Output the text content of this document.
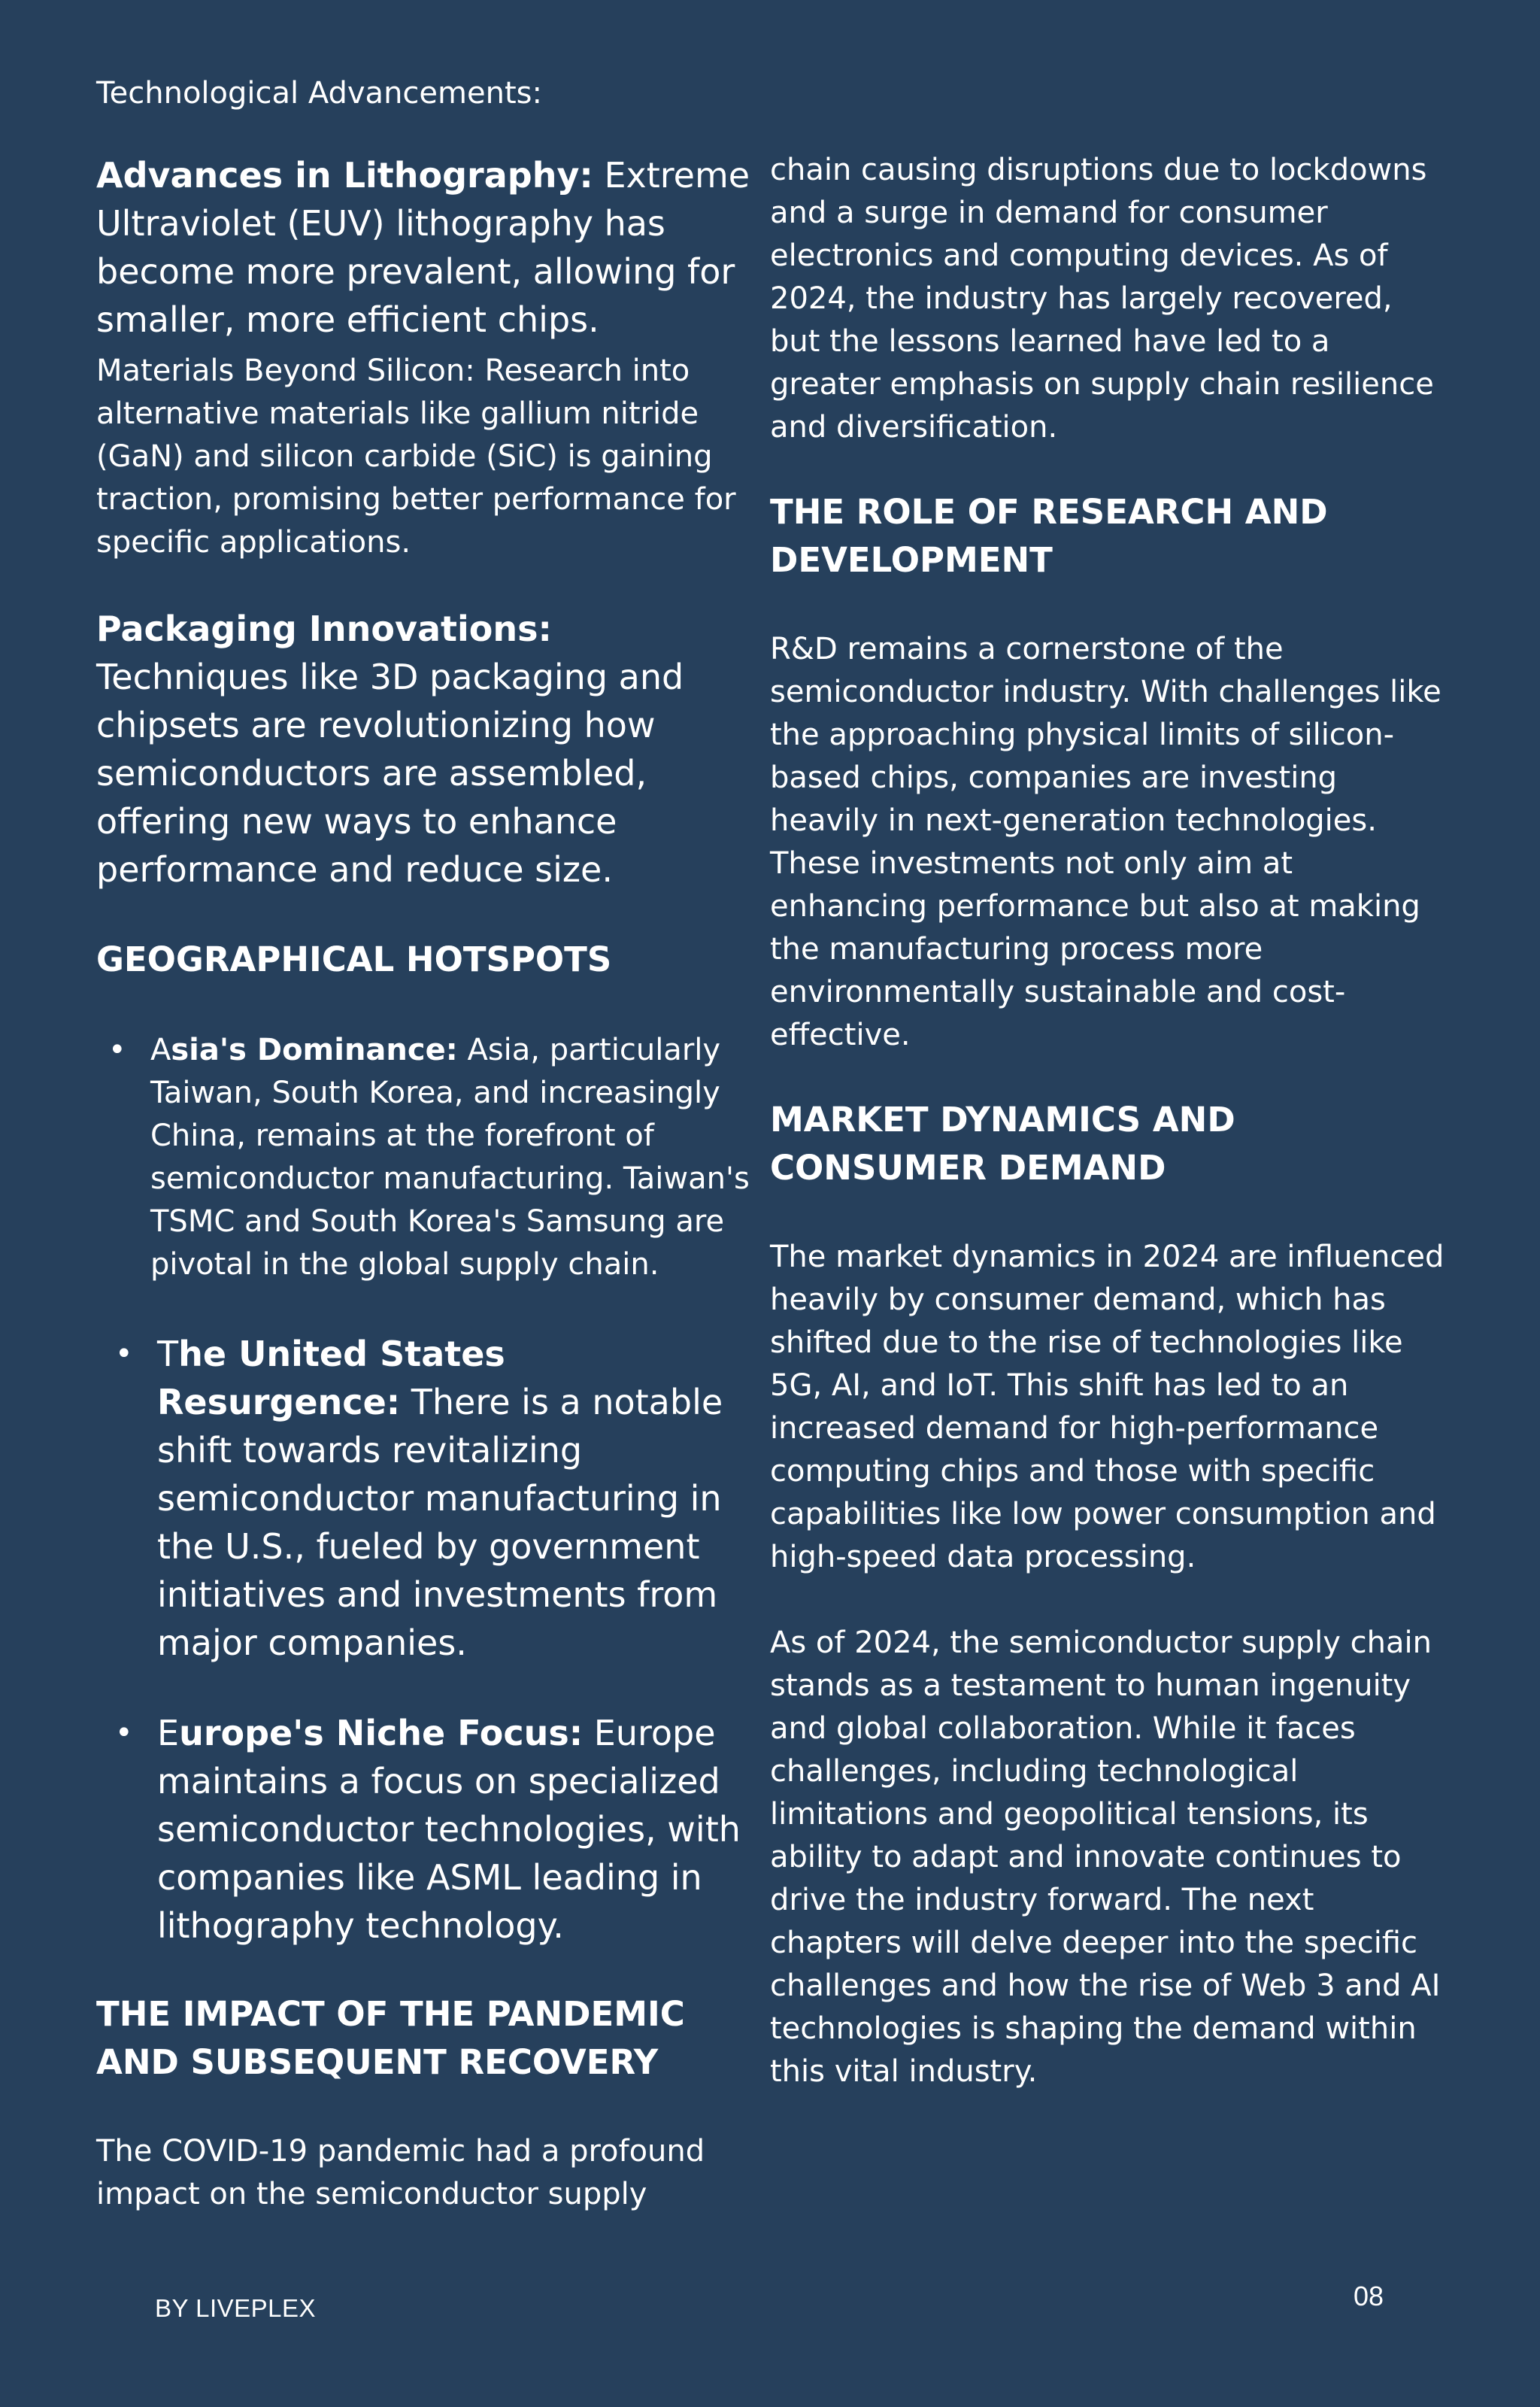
Technological Advancements:

Advances in Lithography: Extreme Ultraviolet (EUV) lithography has become more prevalent, allowing for smaller, more efficient chips.

Materials Beyond Silicon: Research into alternative materials like gallium nitride (GaN) and silicon carbide (SiC) is gaining traction, promising better performance for specific applications.

Packaging Innovations: Techniques like 3D packaging and chipsets are revolutionizing how semiconductors are assembled, offering new ways to enhance performance and reduce size.

GEOGRAPHICAL HOTSPOTS
• Asia's Dominance: Asia, particularly Taiwan, South Korea, and increasingly China, remains at the forefront of semiconductor manufacturing. Taiwan's TSMC and South Korea's Samsung are pivotal in the global supply chain.
• The United States Resurgence: There is a notable shift towards revitalizing semiconductor manufacturing in the U.S., fueled by government initiatives and investments from major companies.
• Europe's Niche Focus: Europe maintains a focus on specialized semiconductor technologies, with companies like ASML leading in lithography technology.
THE IMPACT OF THE PANDEMIC AND SUBSEQUENT RECOVERY

The COVID-19 pandemic had a profound impact on the semiconductor supply

chain causing disruptions due to lockdowns and a surge in demand for consumer electronics and computing devices. As of 2024, the industry has largely recovered, but the lessons learned have led to a greater emphasis on supply chain resilience and diversification.

THE ROLE OF RESEARCH AND DEVELOPMENT

R&D remains a cornerstone of the semiconductor industry. With challenges like the approaching physical limits of silicon-based chips, companies are investing heavily in next-generation technologies. These investments not only aim at enhancing performance but also at making the manufacturing process more environmentally sustainable and cost-effective.

MARKET DYNAMICS AND CONSUMER DEMAND

The market dynamics in 2024 are influenced heavily by consumer demand, which has shifted due to the rise of technologies like 5G, AI, and IoT. This shift has led to an increased demand for high-performance computing chips and those with specific capabilities like low power consumption and high-speed data processing.

As of 2024, the semiconductor supply chain stands as a testament to human ingenuity and global collaboration. While it faces challenges, including technological limitations and geopolitical tensions, its ability to adapt and innovate continues to drive the industry forward. The next chapters will delve deeper into the specific challenges and how the rise of Web 3 and AI technologies is shaping the demand within this vital industry.

BY LIVEPLEX	08
